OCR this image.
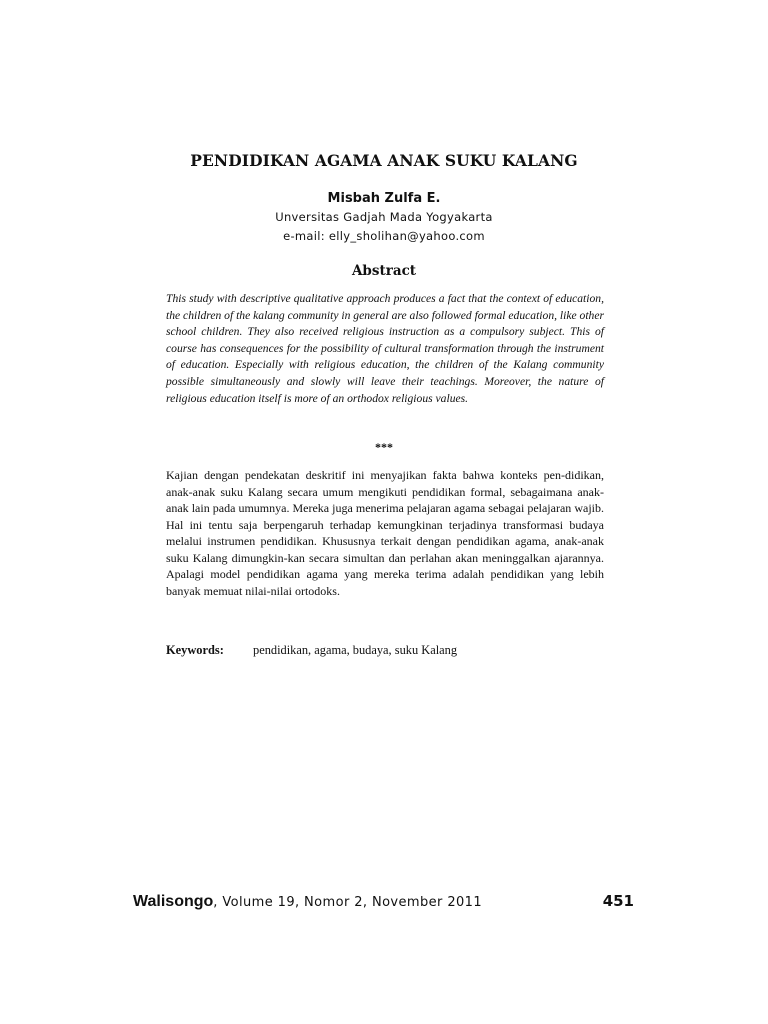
PENDIDIKAN AGAMA ANAK SUKU KALANG
Misbah Zulfa E.
Unversitas Gadjah Mada Yogyakarta
e-mail: elly_sholihan@yahoo.com
Abstract

This study with descriptive qualitative approach produces a fact that the context of education, the children of the kalang community in general are also followed formal education, like other school children. They also received religious instruction as a compulsory subject. This of course has consequences for the possibility of cultural transformation through the instrument of education. Especially with religious education, the children of the Kalang community possible simultaneously and slowly will leave their teachings. Moreover, the nature of religious education itself is more of an orthodox religious values.

***

Kajian dengan pendekatan deskritif ini menyajikan fakta bahwa konteks pen-didikan, anak-anak suku Kalang secara umum mengikuti pendidikan formal, sebagaimana anak-anak lain pada umumnya. Mereka juga menerima pelajaran agama sebagai pelajaran wajib. Hal ini tentu saja berpengaruh terhadap kemungkinan terjadinya transformasi budaya melalui instrumen pendidikan. Khususnya terkait dengan pendidikan agama, anak-anak suku Kalang dimungkin-kan secara simultan dan perlahan akan meninggalkan ajarannya. Apalagi model pendidikan agama yang mereka terima adalah pendidikan yang lebih banyak memuat nilai-nilai ortodoks.

Keywords: pendidikan, agama, budaya, suku Kalang
Walisongo, Volume 19, Nomor 2, November 2011	451
